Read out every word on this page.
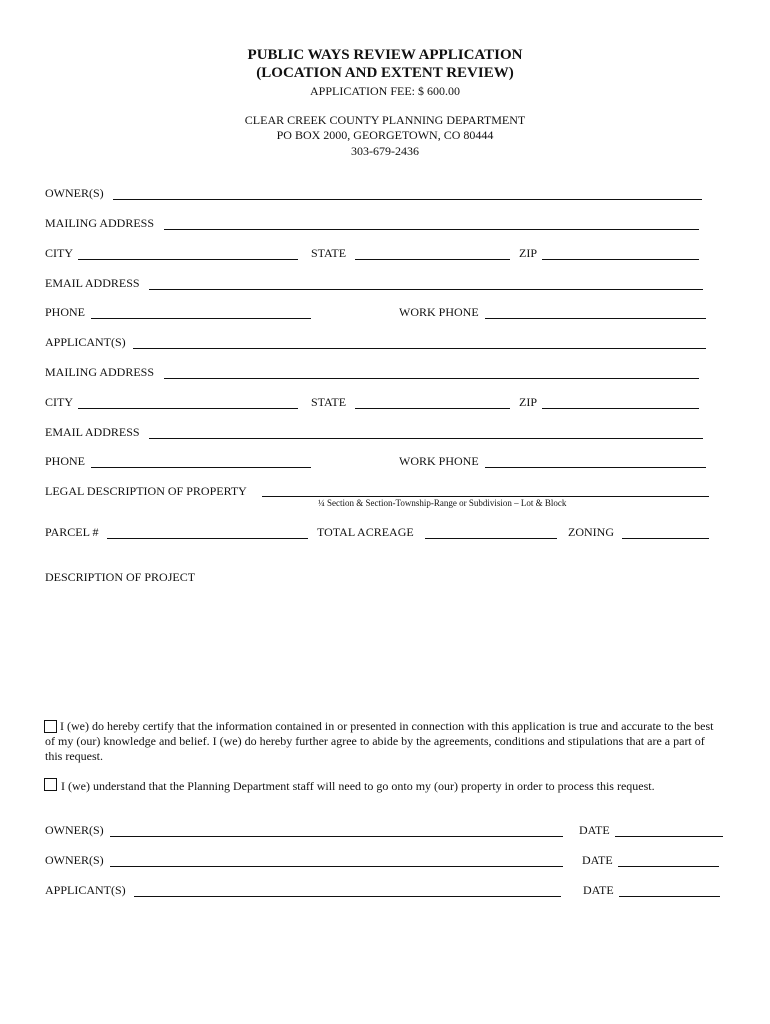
PUBLIC WAYS REVIEW APPLICATION
(LOCATION AND EXTENT REVIEW)
APPLICATION FEE: $ 600.00
CLEAR CREEK COUNTY PLANNING DEPARTMENT
PO BOX 2000, GEORGETOWN, CO 80444
303-679-2436
OWNER(S)
MAILING ADDRESS
CITY	STATE	ZIP
EMAIL ADDRESS
PHONE	WORK PHONE
APPLICANT(S)
MAILING ADDRESS
CITY	STATE	ZIP
EMAIL ADDRESS
PHONE	WORK PHONE
LEGAL DESCRIPTION OF PROPERTY
¼ Section & Section-Township-Range or Subdivision – Lot & Block
PARCEL #	TOTAL ACREAGE	ZONING
DESCRIPTION OF PROJECT
I (we) do hereby certify that the information contained in or presented in connection with this application is true and accurate to the best of my (our) knowledge and belief. I (we) do hereby further agree to abide by the agreements, conditions and stipulations that are a part of this request.
I (we) understand that the Planning Department staff will need to go onto my (our) property in order to process this request.
OWNER(S)	DATE
OWNER(S)	DATE
APPLICANT(S)	DATE
